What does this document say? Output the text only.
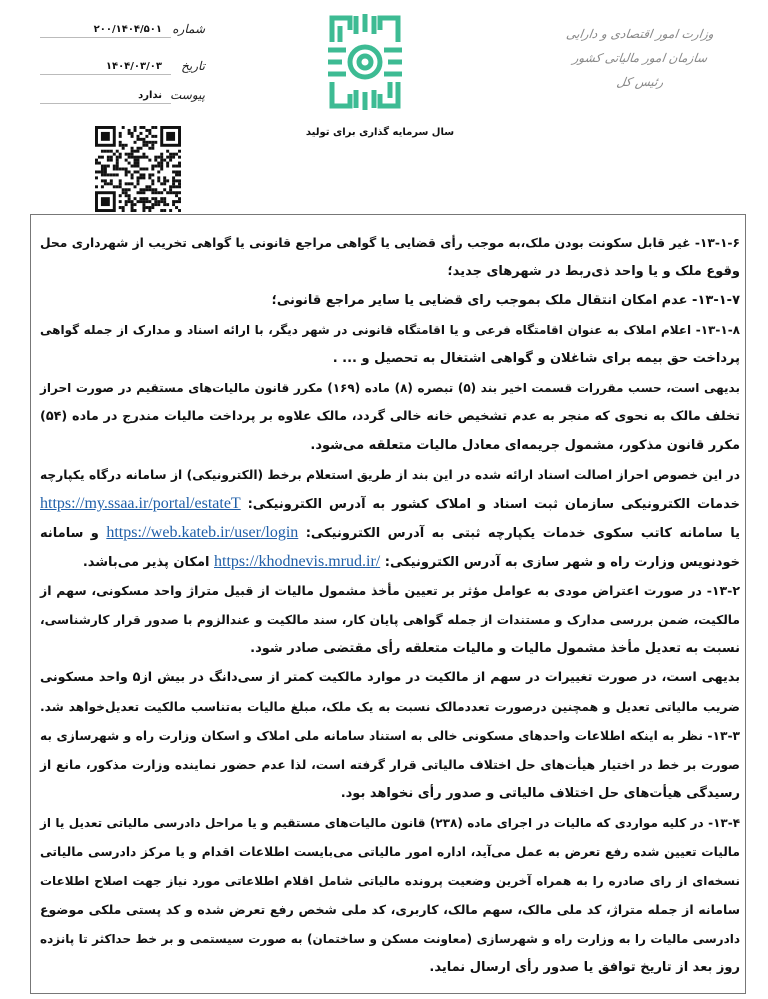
وزارت امور اقتصادی و دارایی
سازمان امور مالیاتی کشور
رئیس کل
سال سرمایه گذاری برای تولید
شماره
۲۰۰/۱۴۰۴/۵۰۱
تاریخ
۱۴۰۴/۰۳/۰۳
پیوست
ندارد
۱۳-۱-۶- غیر قابل سکونت بودن ملک،به موجب رأی قضایی یا گواهی مراجع قانونی یا گواهی تخریب از شهرداری محل
وقوع ملک و یا واحد ذی‌ربط در شهرهای جدید؛
۱۳-۱-۷- عدم امکان انتقال ملک بموجب رای قضایی یا سایر مراجع قانونی؛
۱۳-۱-۸- اعلام املاک به عنوان اقامتگاه فرعی و یا اقامتگاه قانونی در شهر دیگر، با ارائه اسناد و مدارک از جمله گواهی
پرداخت حق بیمه برای شاغلان و گواهی اشتغال به تحصیل و ... .
بدیهی است، حسب مقررات قسمت اخیر بند (۵) تبصره (۸) ماده (۱۶۹) مکرر قانون مالیات‌های مستقیم در صورت احراز
تخلف مالک به نحوی که منجر به عدم تشخیص خانه خالی گردد، مالک علاوه بر پرداخت مالیات مندرج در ماده (۵۴)
مکرر قانون مذکور، مشمول جریمه‌ای معادل مالیات متعلقه می‌شود.
در این خصوص احراز اصالت اسناد ارائه شده در این بند از طریق استعلام برخط (الکترونیکی) از سامانه درگاه یکپارچه
خدمات الکترونیکی سازمان ثبت اسناد و املاک کشور به آدرس الکترونیکی: https://my.ssaa.ir/portal/estateT
یا سامانه کاتب سکوی خدمات یکپارچه ثبتی به آدرس الکترونیکی: https://web.kateb.ir/user/login و سامانه
خودنویس وزارت راه و شهر سازی به آدرس الکترونیکی: https://khodnevis.mrud.ir/ امکان پذیر می‌باشد.
۱۳-۲- در صورت اعتراض مودی به عوامل مؤثر بر تعیین مأخذ مشمول مالیات از قبیل متراژ واحد مسکونی، سهم از
مالکیت، ضمن بررسی مدارک و مستندات از جمله گواهی پایان کار، سند مالکیت و عندالزوم با صدور قرار کارشناسی،
نسبت به تعدیل مأخذ مشمول مالیات و مالیات متعلقه رأی مقتضی صادر شود.
بدیهی است، در صورت تغییرات در سهم از مالکیت در موارد مالکیت کمتر از سی‌دانگ در بیش از۵ واحد مسکونی
ضریب مالیاتی تعدیل و همچنین درصورت تعددمالک نسبت به یک ملک، مبلغ مالیات به‌تناسب مالکیت تعدیل‌خواهد شد.
۱۳-۳- نظر به اینکه اطلاعات واحدهای مسکونی خالی به استناد سامانه ملی املاک و اسکان وزارت راه و شهرسازی به
صورت بر خط در اختیار هیأت‌های حل اختلاف مالیاتی قرار گرفته است، لذا عدم حضور نماینده وزارت مذکور، مانع از
رسیدگی هیأت‌های حل اختلاف مالیاتی و صدور رأی نخواهد بود.
۱۳-۴- در کلیه مواردی که مالیات در اجرای ماده (۲۳۸) قانون مالیات‌های مستقیم و یا مراحل دادرسی مالیاتی تعدیل یا از
مالیات تعیین شده رفع تعرض به عمل می‌آید، اداره امور مالیاتی می‌بایست اطلاعات اقدام و یا مرکز دادرسی مالیاتی
نسخه‌ای از رای صادره را به همراه آخرین وضعیت پرونده مالیاتی شامل اقلام اطلاعاتی مورد نیاز جهت اصلاح اطلاعات
سامانه از جمله متراژ، کد ملی مالک، سهم مالک، کاربری، کد ملی شخص رفع تعرض شده و کد پستی ملکی موضوع
دادرسی مالیات را به وزارت راه و شهرسازی (معاونت مسکن و ساختمان) به صورت سیستمی و بر خط حداکثر تا پانزده
روز بعد از تاریخ توافق یا صدور رأی ارسال نماید.
